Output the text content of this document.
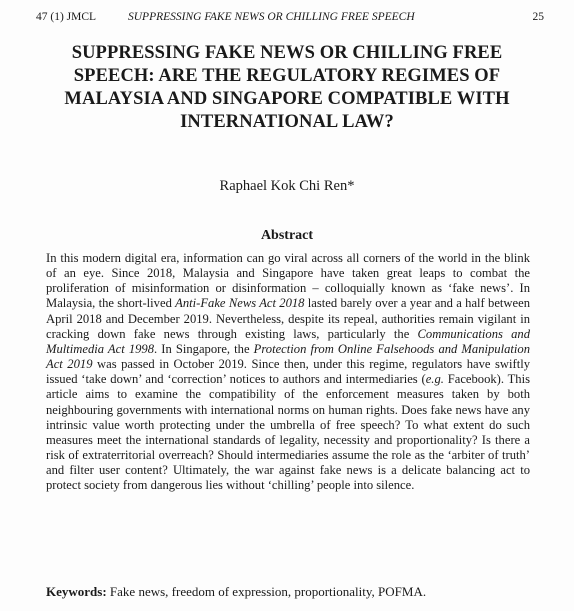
47 (1) JMCL	SUPPRESSING FAKE NEWS OR CHILLING FREE SPEECH	25
SUPPRESSING FAKE NEWS OR CHILLING FREE
SPEECH: ARE THE REGULATORY REGIMES OF
MALAYSIA AND SINGAPORE COMPATIBLE WITH
INTERNATIONAL LAW?
Raphael Kok Chi Ren*
Abstract

In this modern digital era, information can go viral across all corners of the world in the blink of an eye. Since 2018, Malaysia and Singapore have taken great leaps to combat the proliferation of misinformation or disinformation – colloquially known as ‘fake news’. In Malaysia, the short-lived Anti-Fake News Act 2018 lasted barely over a year and a half between April 2018 and December 2019. Nevertheless, despite its repeal, authorities remain vigilant in cracking down fake news through existing laws, particularly the Communications and Multimedia Act 1998. In Singapore, the Protection from Online Falsehoods and Manipulation Act 2019 was passed in October 2019. Since then, under this regime, regulators have swiftly issued ‘take down’ and ‘correction’ notices to authors and intermediaries (e.g. Facebook). This article aims to examine the compatibility of the enforcement measures taken by both neighbouring governments with international norms on human rights. Does fake news have any intrinsic value worth protecting under the umbrella of free speech? To what extent do such measures meet the international standards of legality, necessity and proportionality? Is there a risk of extraterritorial overreach? Should intermediaries assume the role as the ‘arbiter of truth’ and filter user content? Ultimately, the war against fake news is a delicate balancing act to protect society from dangerous lies without ‘chilling’ people into silence.

Keywords: Fake news, freedom of expression, proportionality, POFMA.
